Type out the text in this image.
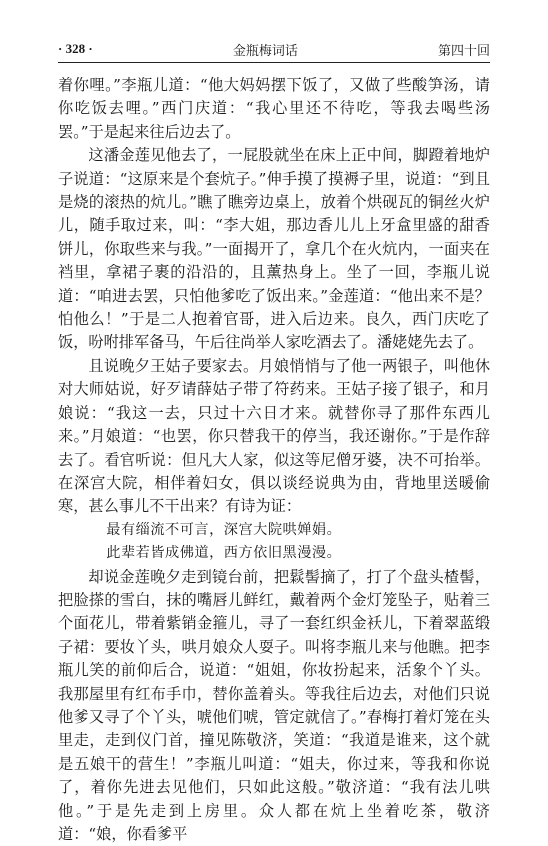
· 328 ·	金瓶梅词话	第四十回

着你哩。”李瓶儿道：“他大妈妈摆下饭了，又做了些酸笋汤，请你吃饭去哩。”西门庆道：“我心里还不待吃，等我去喝些汤罢。”于是起来往后边去了。

这潘金莲见他去了，一屁股就坐在床上正中间，脚蹬着地炉子说道：“这原来是个套炕子。”伸手摸了摸褥子里，说道：“到且是烧的滚热的炕儿。”瞧了瞧旁边桌上，放着个烘砚瓦的铜丝火炉儿，随手取过来，叫：“李大姐，那边香儿儿上牙盒里盛的甜香饼儿，你取些来与我。”一面揭开了，拿几个在火炕内，一面夹在裆里，拿裙子裹的沿沿的，且薰热身上。坐了一回，李瓶儿说道：“咱进去罢，只怕他爹吃了饭出来。”金莲道：“他出来不是？怕他么！”于是二人抱着官哥，进入后边来。良久，西门庆吃了饭，吩咐排军备马，午后往尚举人家吃酒去了。潘姥姥先去了。

且说晚夕王姑子要家去。月娘悄悄与了他一两银子，叫他休对大师姑说，好歹请薛姑子带了符药来。王姑子接了银子，和月娘说：“我这一去，只过十六日才来。就替你寻了那件东西儿来。”月娘道：“也罢，你只替我干的停当，我还谢你。”于是作辞去了。看官听说：但凡大人家，似这等尼僧牙婆，决不可抬举。在深宫大院，相伴着妇女，俱以谈经说典为由，背地里送暖偷寒，甚么事儿不干出来？有诗为证：

最有缁流不可言，深宫大院哄婵娟。

此辈若皆成佛道，西方依旧黑漫漫。

却说金莲晚夕走到镜台前，把鬏髻摘了，打了个盘头楂髻，把脸搽的雪白，抹的嘴唇儿鲜红，戴着两个金灯笼坠子，贴着三个面花儿，带着紫销金箍儿，寻了一套红织金袄儿，下着翠蓝缎子裙：要妆丫头，哄月娘众人耍子。叫将李瓶儿来与他瞧。把李瓶儿笑的前仰后合，说道：“姐姐，你妆扮起来，活象个丫头。我那屋里有红布手巾，替你盖着头。等我往后边去，对他们只说他爹又寻了个丫头，唬他们唬，管定就信了。”春梅打着灯笼在头里走，走到仪门首，撞见陈敬济，笑道：“我道是谁来，这个就是五娘干的营生！”李瓶儿叫道：“姐夫，你过来，等我和你说了，着你先进去见他们，只如此这般。”敬济道：“我有法儿哄他。”于是先走到上房里。众人都在炕上坐着吃茶，敬济道：“娘，你看爹平
